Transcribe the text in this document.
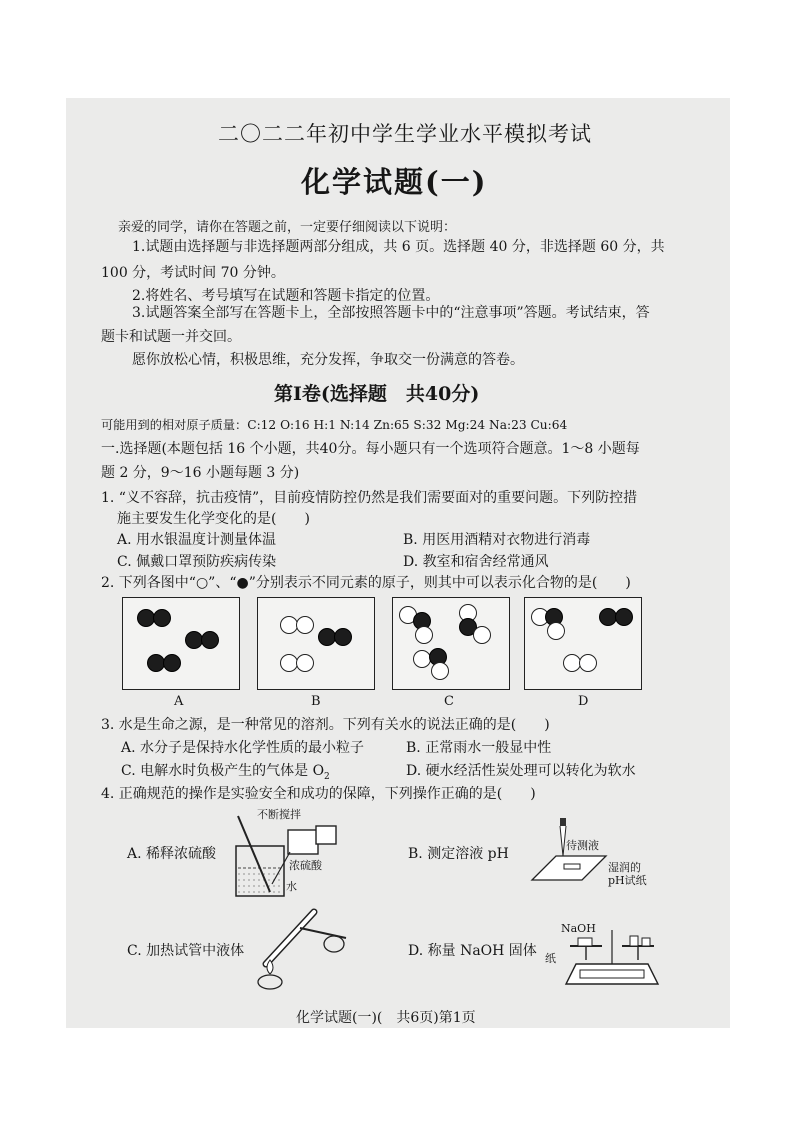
二〇二二年初中学生学业水平模拟考试
化学试题(一)
亲爱的同学，请你在答题之前，一定要仔细阅读以下说明：
1.试题由选择题与非选择题两部分组成，共 6 页。选择题 40 分，非选择题 60 分，共
100 分，考试时间 70 分钟。
2.将姓名、考号填写在试题和答题卡指定的位置。
3.试题答案全部写在答题卡上，全部按照答题卡中的“注意事项”答题。考试结束，答
题卡和试题一并交回。
愿你放松心情，积极思维，充分发挥，争取交一份满意的答卷。
第Ⅰ卷(选择题　共40分)
可能用到的相对原子质量：C:12 O:16 H:1 N:14 Zn:65 S:32 Mg:24 Na:23 Cu:64
一.选择题(本题包括 16 个小题，共40分。每小题只有一个选项符合题意。1～8 小题每
题 2 分，9～16 小题每题 3 分)
1. “义不容辞，抗击疫情”，目前疫情防控仍然是我们需要面对的重要问题。下列防控措
施主要发生化学变化的是(　　)
A. 用水银温度计测量体温	B. 用医用酒精对衣物进行消毒
C. 佩戴口罩预防疾病传染	D. 教室和宿舍经常通风
2. 下列各图中“○”、“●”分别表示不同元素的原子，则其中可以表示化合物的是(　　)
A	B	C	D
3. 水是生命之源，是一种常见的溶剂。下列有关水的说法正确的是(　　)
A. 水分子是保持水化学性质的最小粒子	B. 正常雨水一般显中性
C. 电解水时负极产生的气体是 $O_2$	D. 硬水经活性炭处理可以转化为软水
4. 正确规范的操作是实验安全和成功的保障，下列操作正确的是(　　)
A. 稀释浓硫酸
不断搅拌
浓硫酸
水
B. 测定溶液 pH
待测液
湿润的
pH试纸
C. 加热试管中液体	D. 称量 NaOH 固体
NaOH
纸
化学试题(一)(　共6页)第1页
